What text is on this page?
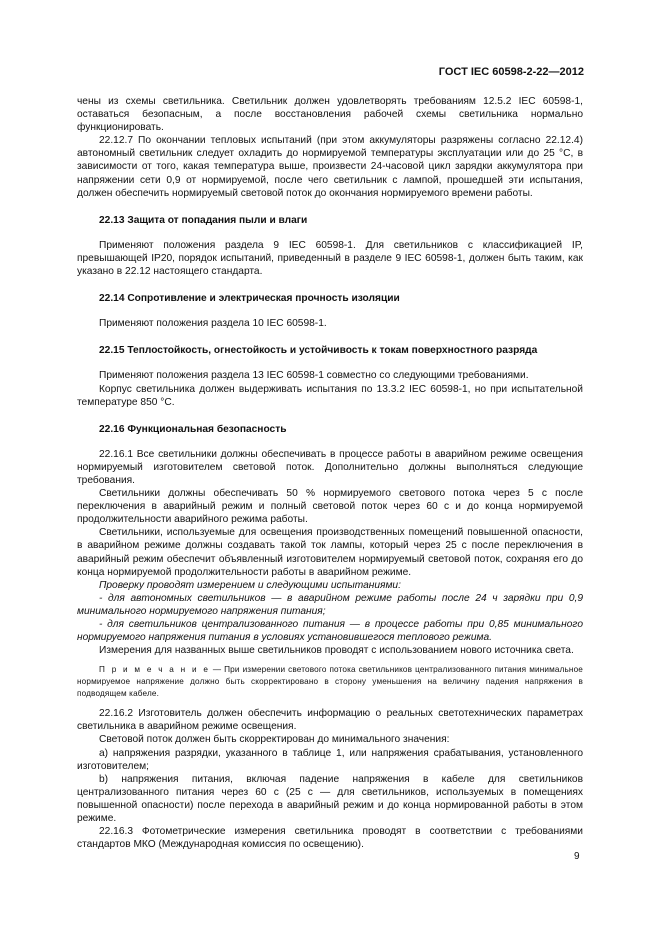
ГОСТ IEC 60598-2-22—2012

чены из схемы светильника. Светильник должен удовлетворять требованиям 12.5.2 IEC 60598-1, оставаться безопасным, а после восстановления рабочей схемы светильника нормально функционировать.

22.12.7 По окончании тепловых испытаний (при этом аккумуляторы разряжены согласно 22.12.4) автономный светильник следует охладить до нормируемой температуры эксплуатации или до 25 °С, в зависимости от того, какая температура выше, произвести 24-часовой цикл зарядки аккумулятора при напряжении сети 0,9 от нормируемой, после чего светильник с лампой, прошедшей эти испытания, должен обеспечить нормируемый световой поток до окончания нормируемого времени работы.

22.13 Защита от попадания пыли и влаги

Применяют положения раздела 9 IEC 60598-1. Для светильников с классификацией IP, превышающей IP20, порядок испытаний, приведенный в разделе 9 IEC 60598-1, должен быть таким, как указано в 22.12 настоящего стандарта.

22.14 Сопротивление и электрическая прочность изоляции

Применяют положения раздела 10 IEC 60598-1.

22.15 Теплостойкость, огнестойкость и устойчивость к токам поверхностного разряда

Применяют положения раздела 13 IEC 60598-1 совместно со следующими требованиями.

Корпус светильника должен выдерживать испытания по 13.3.2 IEC 60598-1, но при испытательной температуре 850 °С.

22.16 Функциональная безопасность

22.16.1 Все светильники должны обеспечивать в процессе работы в аварийном режиме освещения нормируемый изготовителем световой поток. Дополнительно должны выполняться следующие требования.

Светильники должны обеспечивать 50 % нормируемого светового потока через 5 с после переключения в аварийный режим и полный световой поток через 60 с и до конца нормируемой продолжительности аварийного режима работы.

Светильники, используемые для освещения производственных помещений повышенной опасности, в аварийном режиме должны создавать такой ток лампы, который через 25 с после переключения в аварийный режим обеспечит объявленный изготовителем нормируемый световой поток, сохраняя его до конца нормируемой продолжительности работы в аварийном режиме.

Проверку проводят измерением и следующими испытаниями:

- для автономных светильников — в аварийном режиме работы после 24 ч зарядки при 0,9 минимального нормируемого напряжения питания;

- для светильников централизованного питания — в процессе работы при 0,85 минимального нормируемого напряжения питания в условиях установившегося теплового режима.

Измерения для названных выше светильников проводят с использованием нового источника света.

П р и м е ч а н и е — При измерении светового потока светильников централизованного питания минимальное нормируемое напряжение должно быть скорректировано в сторону уменьшения на величину падения напряжения в подводящем кабеле.

22.16.2 Изготовитель должен обеспечить информацию о реальных светотехнических параметрах светильника в аварийном режиме освещения.

Световой поток должен быть скорректирован до минимального значения:

a) напряжения разрядки, указанного в таблице 1, или напряжения срабатывания, установленного изготовителем;

b) напряжения питания, включая падение напряжения в кабеле для светильников централизованного питания через 60 с (25 с — для светильников, используемых в помещениях повышенной опасности) после перехода в аварийный режим и до конца нормированной работы в этом режиме.

22.16.3 Фотометрические измерения светильника проводят в соответствии с требованиями стандартов МКО (Международная комиссия по освещению).

9
